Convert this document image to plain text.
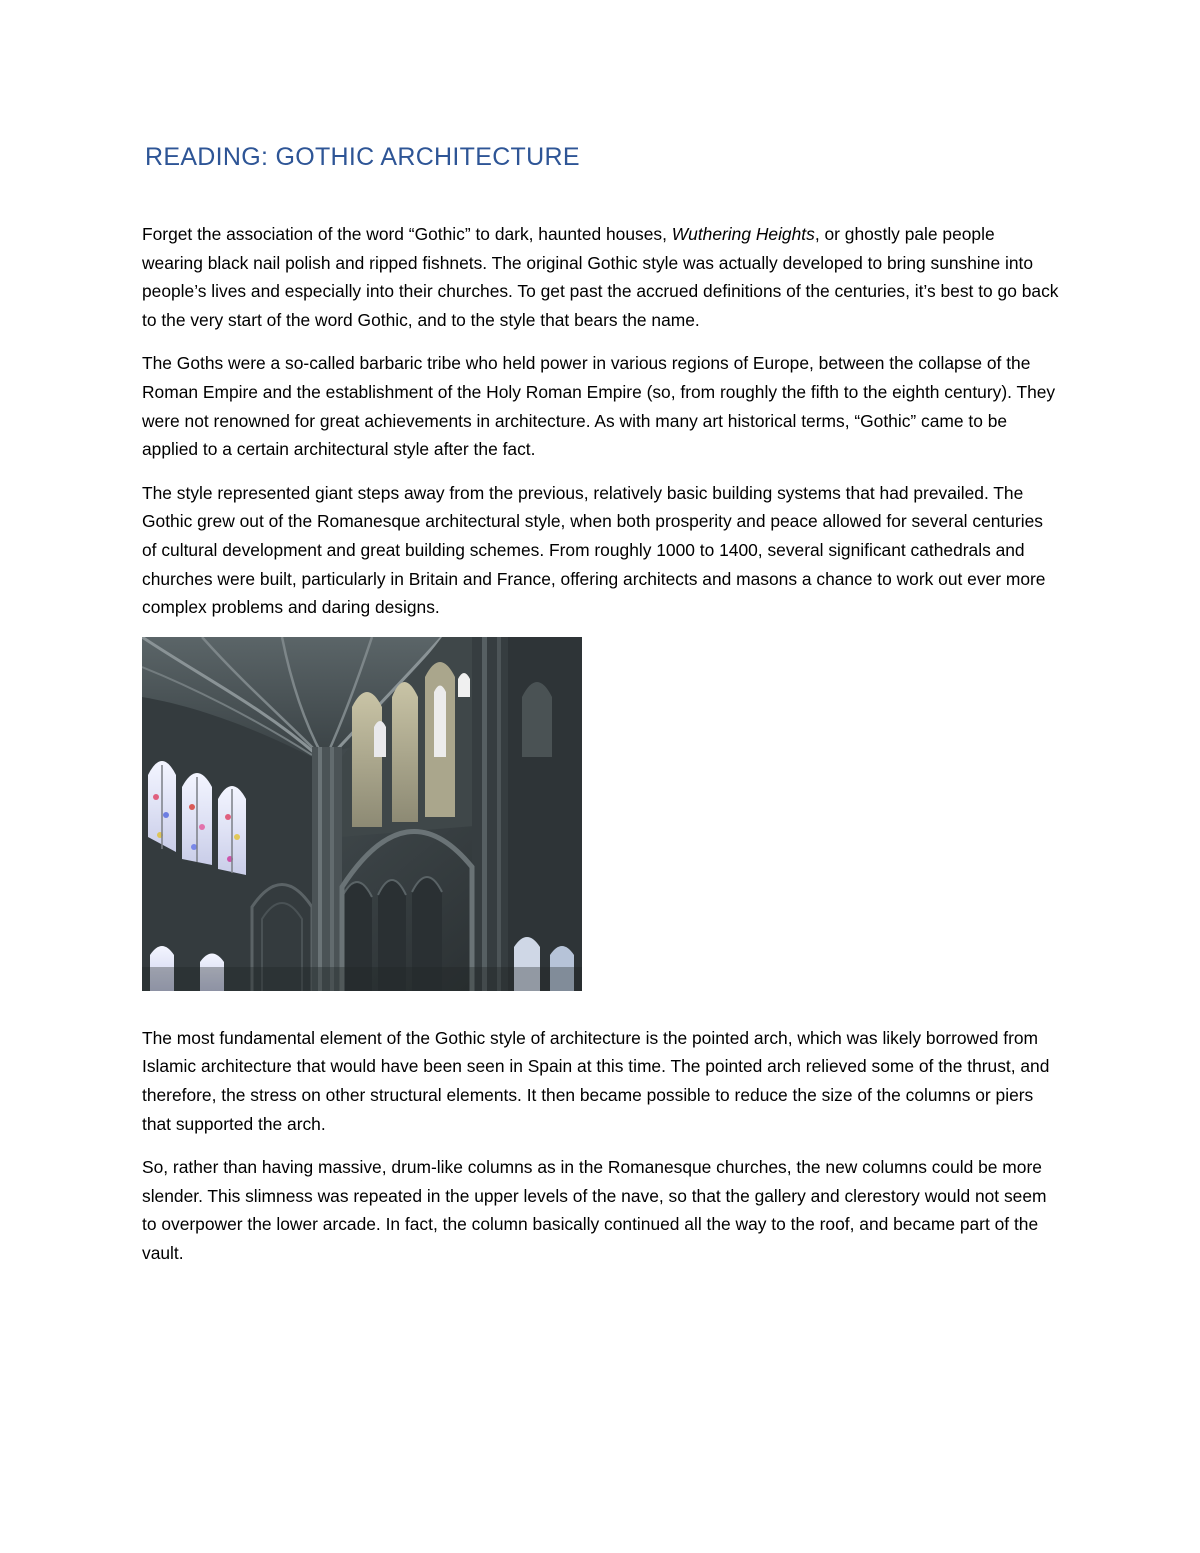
READING: GOTHIC ARCHITECTURE

Forget the association of the word “Gothic” to dark, haunted houses, Wuthering Heights, or ghostly pale people wearing black nail polish and ripped fishnets. The original Gothic style was actually developed to bring sunshine into people’s lives and especially into their churches. To get past the accrued definitions of the centuries, it’s best to go back to the very start of the word Gothic, and to the style that bears the name.

The Goths were a so-called barbaric tribe who held power in various regions of Europe, between the collapse of the Roman Empire and the establishment of the Holy Roman Empire (so, from roughly the fifth to the eighth century). They were not renowned for great achievements in architecture. As with many art historical terms, “Gothic” came to be applied to a certain architectural style after the fact.

The style represented giant steps away from the previous, relatively basic building systems that had prevailed. The Gothic grew out of the Romanesque architectural style, when both prosperity and peace allowed for several centuries of cultural development and great building schemes. From roughly 1000 to 1400, several significant cathedrals and churches were built, particularly in Britain and France, offering architects and masons a chance to work out ever more complex problems and daring designs.

The most fundamental element of the Gothic style of architecture is the pointed arch, which was likely borrowed from Islamic architecture that would have been seen in Spain at this time. The pointed arch relieved some of the thrust, and therefore, the stress on other structural elements. It then became possible to reduce the size of the columns or piers that supported the arch.

So, rather than having massive, drum-like columns as in the Romanesque churches, the new columns could be more slender. This slimness was repeated in the upper levels of the nave, so that the gallery and clerestory would not seem to overpower the lower arcade. In fact, the column basically continued all the way to the roof, and became part of the vault.
